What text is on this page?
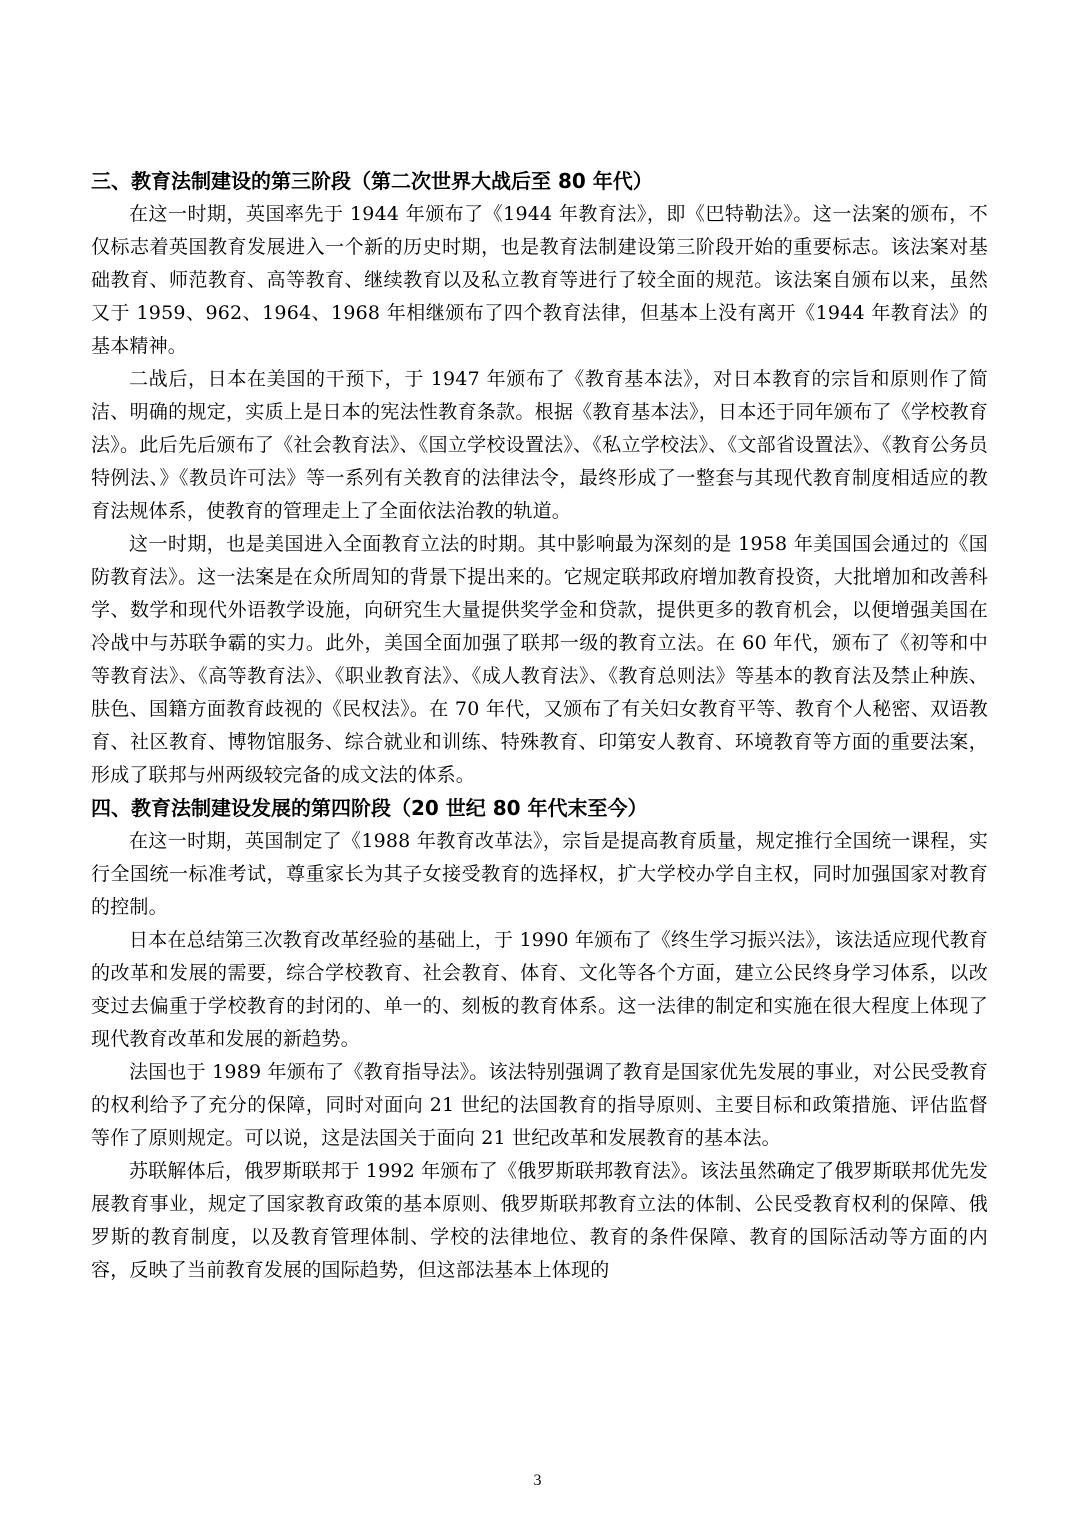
三、教育法制建设的第三阶段（第二次世界大战后至 80 年代）

在这一时期，英国率先于 1944 年颁布了《1944 年教育法》，即《巴特勒法》。这一法案的颁布，不仅标志着英国教育发展进入一个新的历史时期，也是教育法制建设第三阶段开始的重要标志。该法案对基础教育、师范教育、高等教育、继续教育以及私立教育等进行了较全面的规范。该法案自颁布以来，虽然又于 1959、962、1964、1968 年相继颁布了四个教育法律，但基本上没有离开《1944 年教育法》的基本精神。

二战后，日本在美国的干预下，于 1947 年颁布了《教育基本法》，对日本教育的宗旨和原则作了简洁、明确的规定，实质上是日本的宪法性教育条款。根据《教育基本法》，日本还于同年颁布了《学校教育法》。此后先后颁布了《社会教育法》、《国立学校设置法》、《私立学校法》、《文部省设置法》、《教育公务员特例法、》《教员许可法》等一系列有关教育的法律法令，最终形成了一整套与其现代教育制度相适应的教育法规体系，使教育的管理走上了全面依法治教的轨道。

这一时期，也是美国进入全面教育立法的时期。其中影响最为深刻的是 1958 年美国国会通过的《国防教育法》。这一法案是在众所周知的背景下提出来的。它规定联邦政府增加教育投资，大批增加和改善科学、数学和现代外语教学设施，向研究生大量提供奖学金和贷款，提供更多的教育机会，以便增强美国在冷战中与苏联争霸的实力。此外，美国全面加强了联邦一级的教育立法。在 60 年代，颁布了《初等和中等教育法》、《高等教育法》、《职业教育法》、《成人教育法》、《教育总则法》等基本的教育法及禁止种族、肤色、国籍方面教育歧视的《民权法》。在 70 年代，又颁布了有关妇女教育平等、教育个人秘密、双语教育、社区教育、博物馆服务、综合就业和训练、特殊教育、印第安人教育、环境教育等方面的重要法案，形成了联邦与州两级较完备的成文法的体系。

四、教育法制建设发展的第四阶段（20 世纪 80 年代末至今）

在这一时期，英国制定了《1988 年教育改革法》，宗旨是提高教育质量，规定推行全国统一课程，实行全国统一标准考试，尊重家长为其子女接受教育的选择权，扩大学校办学自主权，同时加强国家对教育的控制。

日本在总结第三次教育改革经验的基础上，于 1990 年颁布了《终生学习振兴法》，该法适应现代教育的改革和发展的需要，综合学校教育、社会教育、体育、文化等各个方面，建立公民终身学习体系，以改变过去偏重于学校教育的封闭的、单一的、刻板的教育体系。这一法律的制定和实施在很大程度上体现了现代教育改革和发展的新趋势。

法国也于 1989 年颁布了《教育指导法》。该法特别强调了教育是国家优先发展的事业，对公民受教育的权利给予了充分的保障，同时对面向 21 世纪的法国教育的指导原则、主要目标和政策措施、评估监督等作了原则规定。可以说，这是法国关于面向 21 世纪改革和发展教育的基本法。

苏联解体后，俄罗斯联邦于 1992 年颁布了《俄罗斯联邦教育法》。该法虽然确定了俄罗斯联邦优先发展教育事业，规定了国家教育政策的基本原则、俄罗斯联邦教育立法的体制、公民受教育权利的保障、俄罗斯的教育制度，以及教育管理体制、学校的法律地位、教育的条件保障、教育的国际活动等方面的内容，反映了当前教育发展的国际趋势，但这部法基本上体现的

3
